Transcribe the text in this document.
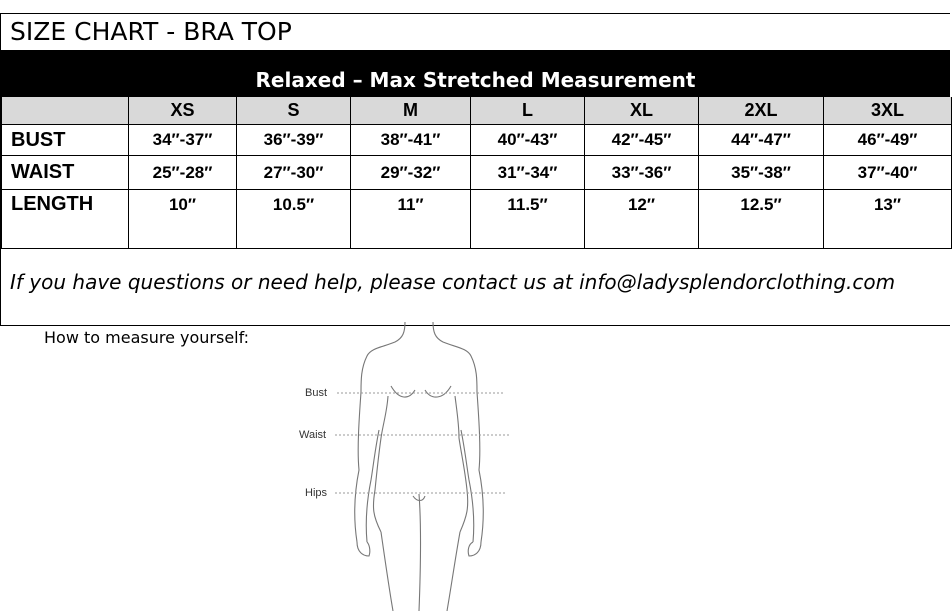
SIZE CHART - BRA TOP
Relaxed – Max Stretched Measurement
	XS	S	M	L	XL	2XL	3XL
BUST	34″-37″	36″-39″	38″-41″	40″-43″	42″-45″	44″-47″	46″-49″
WAIST	25″-28″	27″-30″	29″-32″	31″-34″	33″-36″	35″-38″	37″-40″
LENGTH	10″	10.5″	11″	11.5″	12″	12.5″	13″
If you have questions or need help, please contact us at info@ladysplendorclothing.com
How to measure yourself:
Bust
Waist
Hips
